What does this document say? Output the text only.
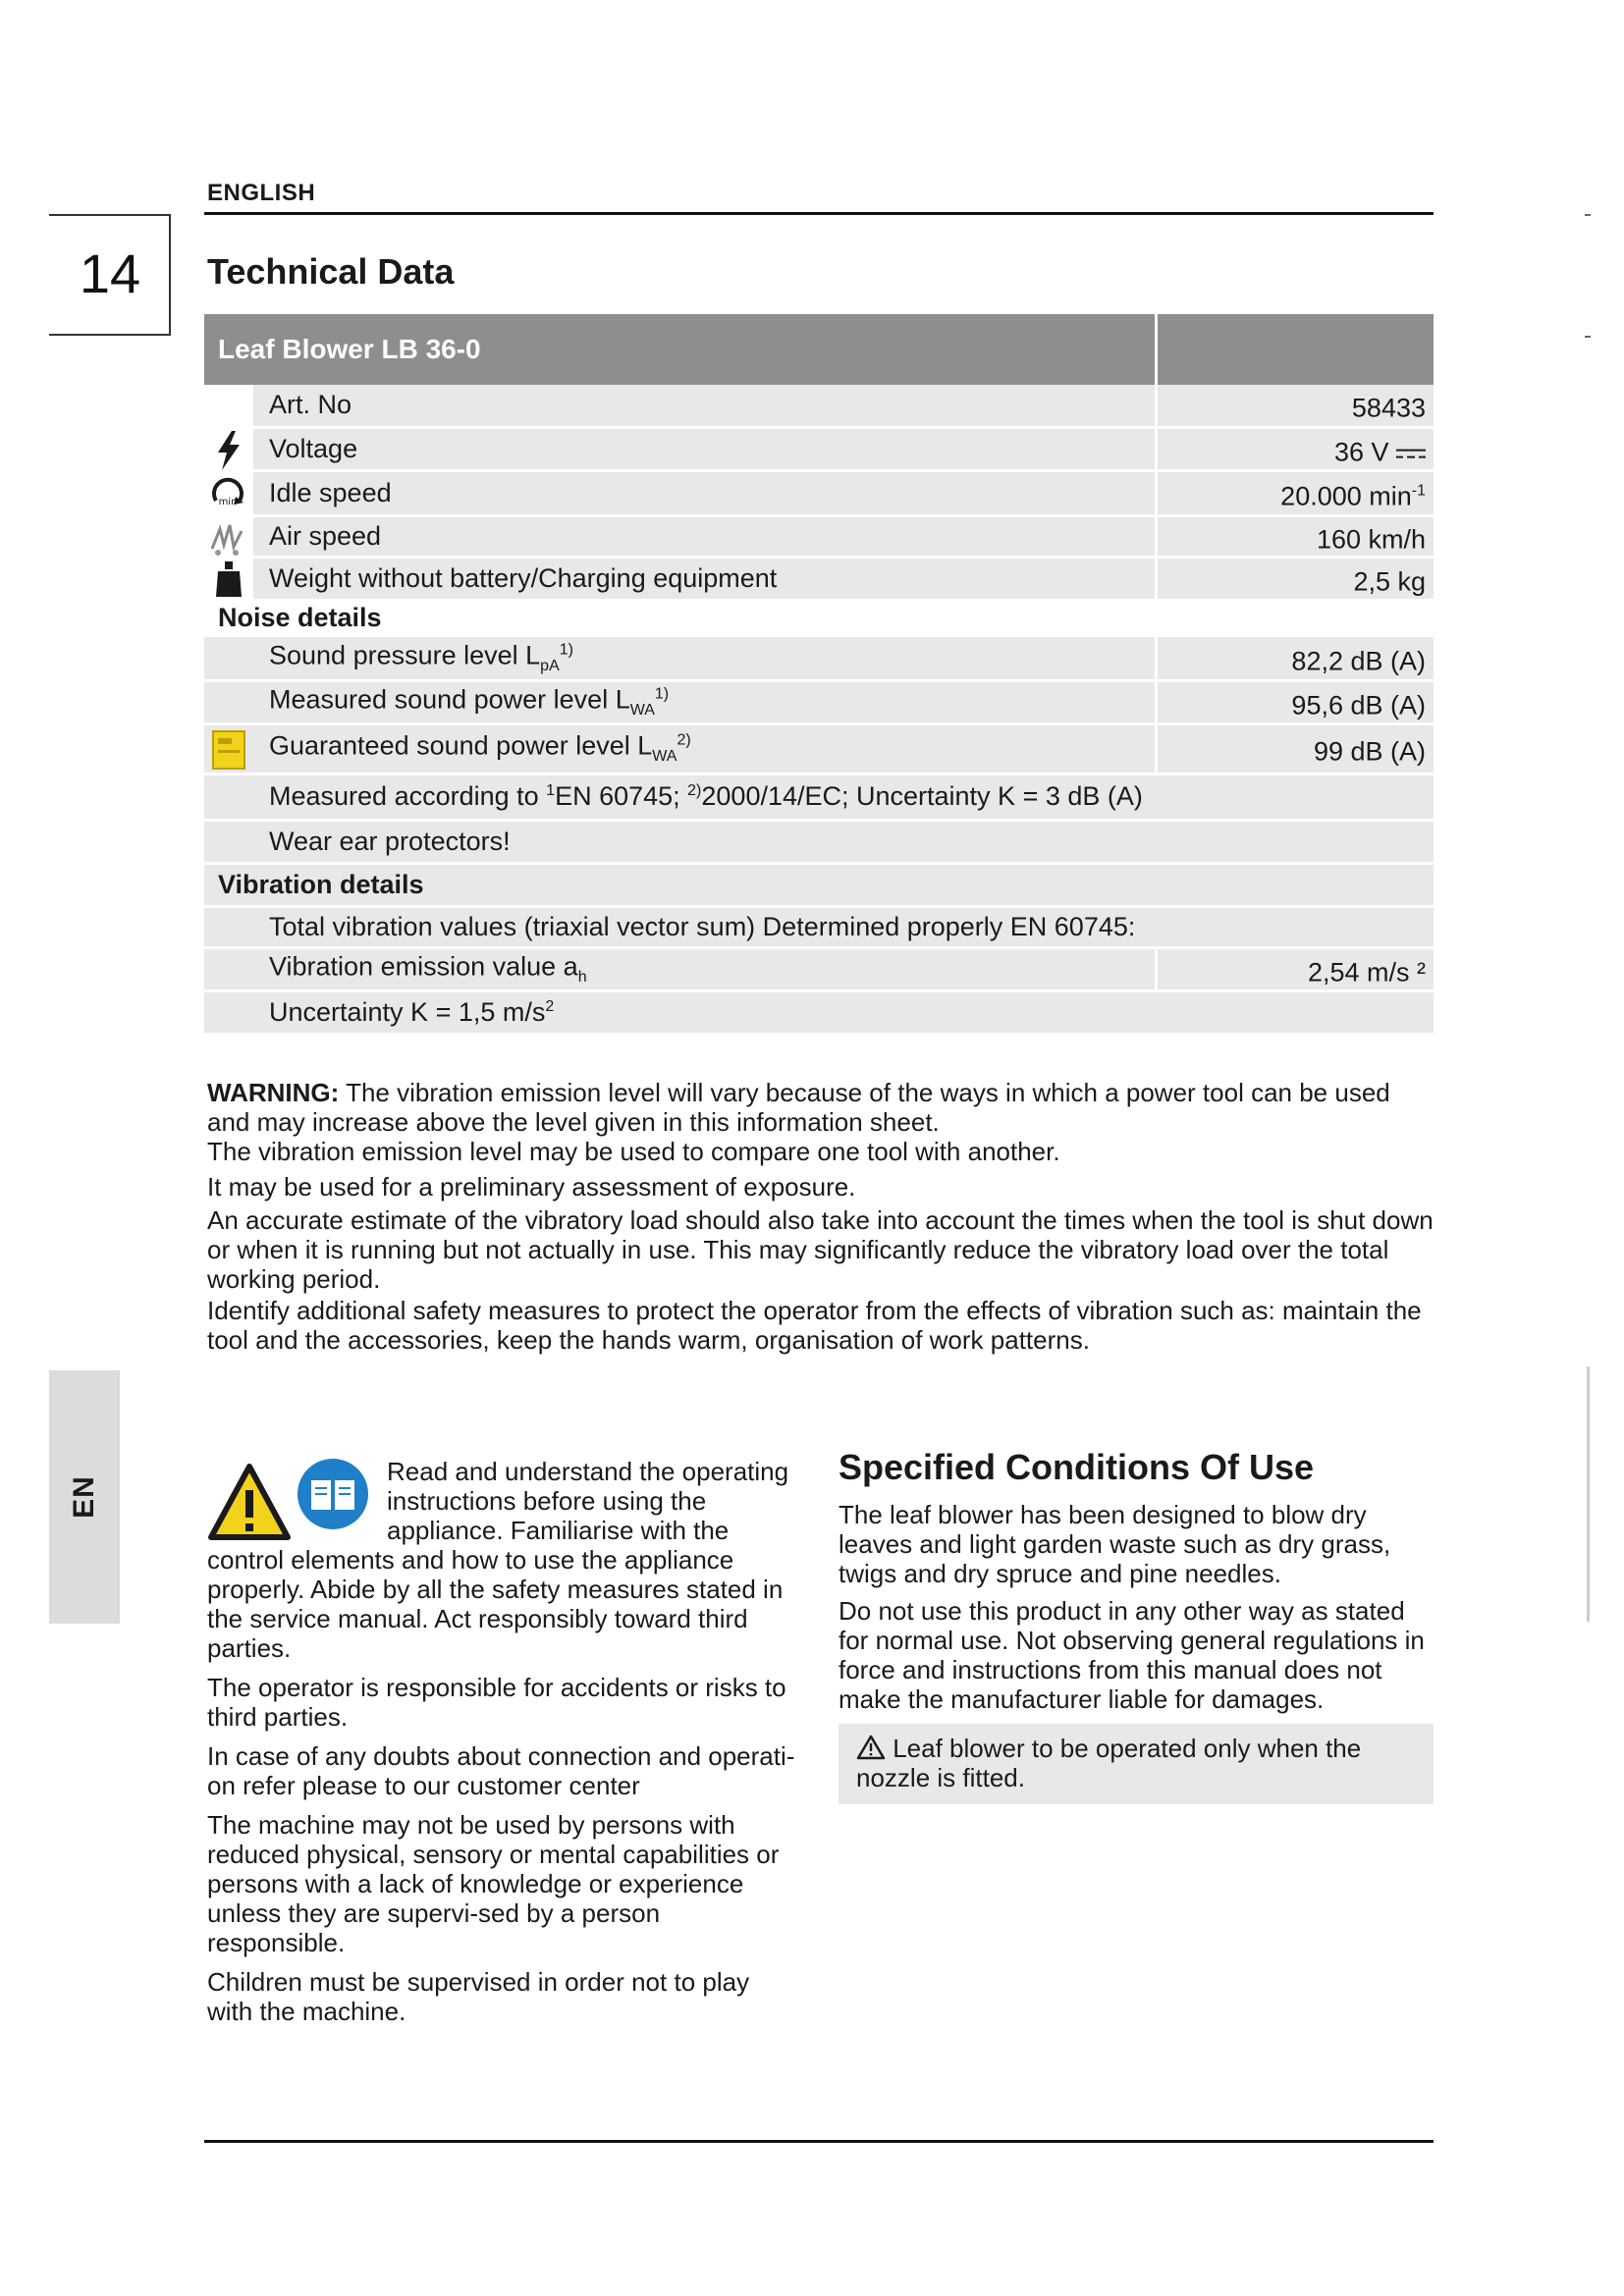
ENGLISH
14	Technical Data
Leaf Blower LB 36-0
Art. No	58433
Voltage	36 V
min Idle speed	20.000 $\min^{-1}$
Air speed	160 km/h
Weight without battery/Charging equipment	2,5 kg
Noise details
Sound pressure level $L_{pA}^{1)}$	82,2 dB (A)
Measured sound power level $L_{WA}^{1)}$	95,6 dB (A)
Guaranteed sound power level $L_{WA}^{2)}$	99 dB (A)
Measured according to $^1$EN 60745; $^{2)}$2000/14/EC; Uncertainty K = 3 dB (A)
Wear ear protectors!
Vibration details
Total vibration values (triaxial vector sum) Determined properly EN 60745:
Vibration emission value $a_h$	2,54 m/s ²
Uncertainty K = 1,5 $m/s^2$

WARNING: The vibration emission level will vary because of the ways in which a power tool can be used and may increase above the level given in this information sheet.

The vibration emission level may be used to compare one tool with another.

It may be used for a preliminary assessment of exposure.

An accurate estimate of the vibratory load should also take into account the times when the tool is shut down or when it is running but not actually in use. This may significantly reduce the vibratory load over the total working period.

Identify additional safety measures to protect the operator from the effects of vibration such as: maintain the tool and the accessories, keep the hands warm, organisation of work patterns.

EN

Read and understand the operating instructions before using the appliance. Familiarise with the control elements and how to use the appliance properly. Abide by all the safety measures stated in the service manual. Act responsibly toward third parties.

The operator is responsible for accidents or risks to third parties.

In case of any doubts about connection and operati-on refer please to our customer center

The machine may not be used by persons with reduced physical, sensory or mental capabilities or persons with a lack of knowledge or experience unless they are supervi-sed by a person responsible.

Children must be supervised in order not to play with the machine.

Specified Conditions Of Use

The leaf blower has been designed to blow dry leaves and light garden waste such as dry grass, twigs and dry spruce and pine needles.

Do not use this product in any other way as stated for normal use. Not observing general regulations in force and instructions from this manual does not make the manufacturer liable for damages.

Leaf blower to be operated only when the nozzle is fitted.
